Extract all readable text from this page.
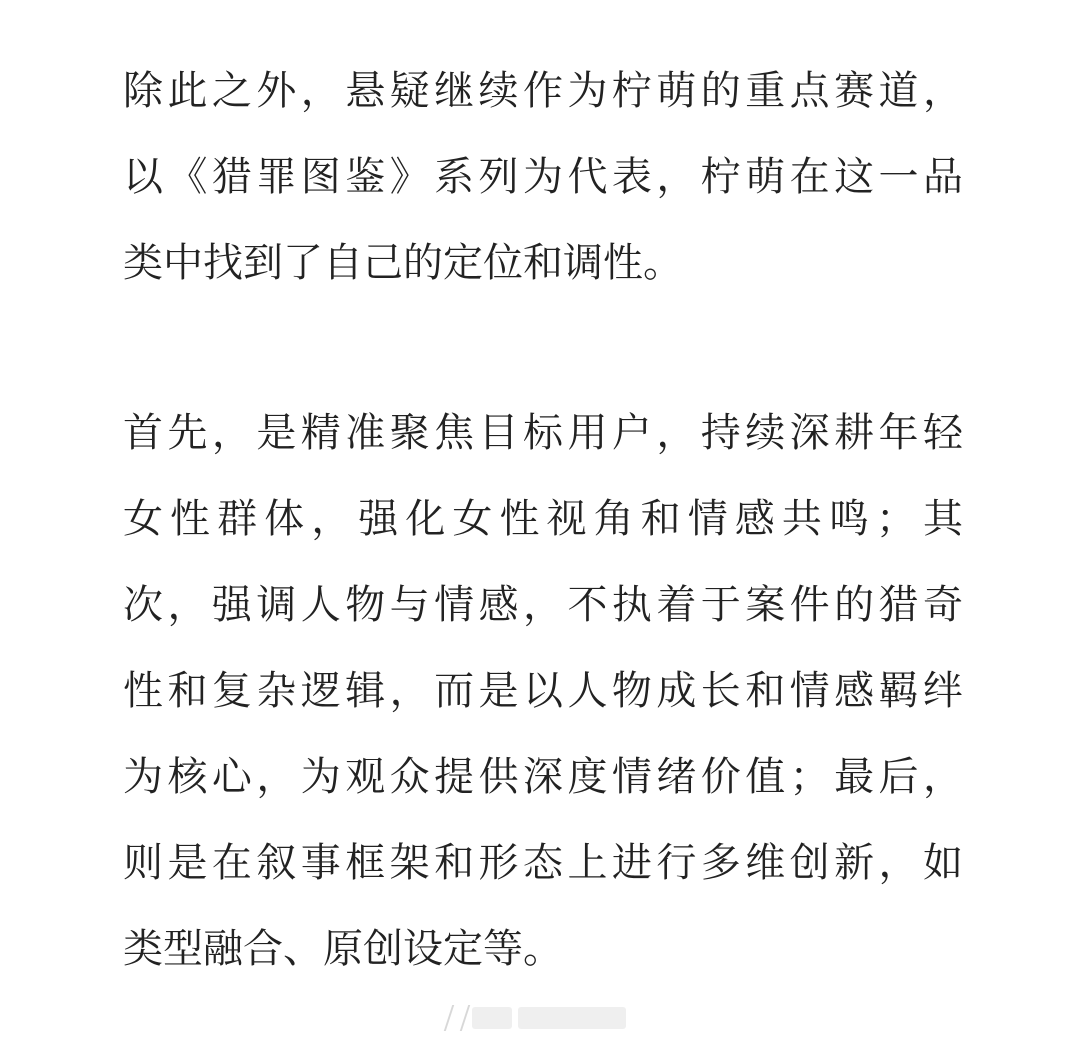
除此之外，悬疑继续作为柠萌的重点赛道，
以《猎罪图鉴》系列为代表，柠萌在这一品
类中找到了自己的定位和调性。

首先，是精准聚焦目标用户，持续深耕年轻
女性群体，强化女性视角和情感共鸣；其
次，强调人物与情感，不执着于案件的猎奇
性和复杂逻辑，而是以人物成长和情感羁绊
为核心，为观众提供深度情绪价值；最后，
则是在叙事框架和形态上进行多维创新，如
类型融合、原创设定等。
